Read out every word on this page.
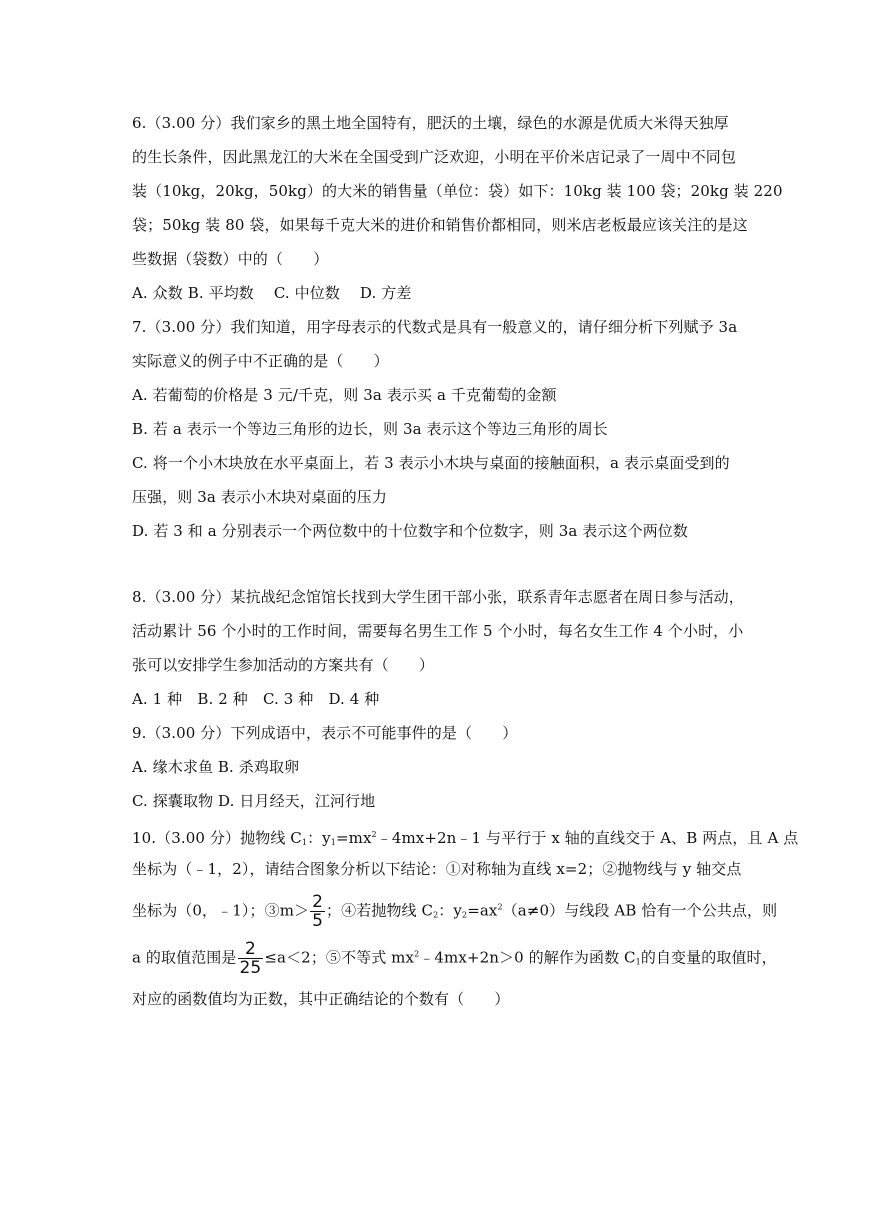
6.（3.00 分）我们家乡的黑土地全国特有，肥沃的土壤，绿色的水源是优质大米得天独厚
的生长条件，因此黑龙江的大米在全国受到广泛欢迎，小明在平价米店记录了一周中不同包
装（10kg，20kg，50kg）的大米的销售量（单位：袋）如下：10kg 装 100 袋；20kg 装 220
袋；50kg 装 80 袋，如果每千克大米的进价和销售价都相同，则米店老板最应该关注的是这
些数据（袋数）中的（　　）
A. 众数 B. 平均数　 C. 中位数　 D. 方差
7.（3.00 分）我们知道，用字母表示的代数式是具有一般意义的，请仔细分析下列赋予 3a
实际意义的例子中不正确的是（　　）
A. 若葡萄的价格是 3 元/千克，则 3a 表示买 a 千克葡萄的金额
B. 若 a 表示一个等边三角形的边长，则 3a 表示这个等边三角形的周长
C. 将一个小木块放在水平桌面上，若 3 表示小木块与桌面的接触面积，a 表示桌面受到的
压强，则 3a 表示小木块对桌面的压力
D. 若 3 和 a 分别表示一个两位数中的十位数字和个位数字，则 3a 表示这个两位数
8.（3.00 分）某抗战纪念馆馆长找到大学生团干部小张，联系青年志愿者在周日参与活动，
活动累计 56 个小时的工作时间，需要每名男生工作 5 个小时，每名女生工作 4 个小时，小
张可以安排学生参加活动的方案共有（　　）
A. 1 种　B. 2 种　C. 3 种　D. 4 种
9.（3.00 分）下列成语中，表示不可能事件的是（　　）
A. 缘木求鱼 B. 杀鸡取卵
C. 探囊取物 D. 日月经天，江河行地
10.（3.00 分）抛物线 $C_1$：$y_1=mx^2﹣4mx+2n﹣1$ 与平行于 x 轴的直线交于 A、B 两点，且 A 点
坐标为（﹣1，2），请结合图象分析以下结论：①对称轴为直线 x=2；②抛物线与 y 轴交点
坐标为（0，﹣1）；③m＞ $\frac{2}{5}$ ；④若抛物线 $C_2$：$y_2=ax^2(a\ne 0)$与线段 AB 恰有一个公共点，则
a 的取值范围是 $\frac{2}{25} \le a<2$；⑤不等式 $mx^2﹣4mx+2n>0$ 的解作为函数 $C_1$的自变量的取值时，
对应的函数值均为正数，其中正确结论的个数有（　　）
